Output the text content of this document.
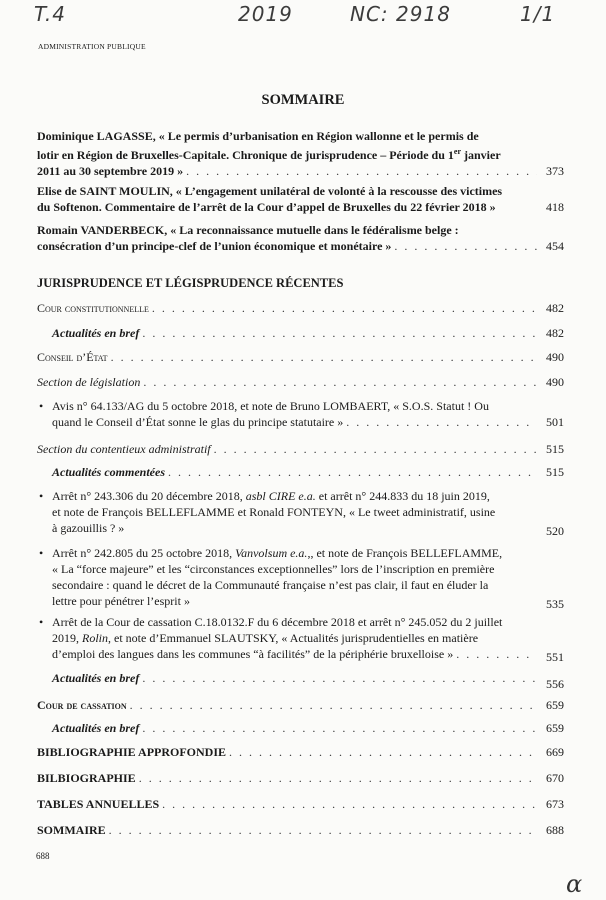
T.4	2019	NC: 2918	1/1
ADMINISTRATION PUBLIQUE
SOMMAIRE
Dominique LAGASSE, « Le permis d’urbanisation en Région wallonne et le permis de
lotir en Région de Bruxelles-Capitale. Chronique de jurisprudence – Période du 1er janvier
2011 au 30 septembre 2019 » . . .	373
Elise de SAINT MOULIN, « L’engagement unilatéral de volonté à la rescousse des victimes
du Softenon. Commentaire de l’arrêt de la Cour d’appel de Bruxelles du 22 février 2018 »	418
Romain VANDERBECK, « La reconnaissance mutuelle dans le fédéralisme belge :
consécration d’un principe-clef de l’union économique et monétaire » . . .	454
JURISPRUDENCE ET LÉGISPRUDENCE RÉCENTES
Cour constitutionnelle . . .	482
Actualités en bref . . .	482
Conseil d’État . . .	490
Section de législation . . .	490
• Avis n° 64.133/AG du 5 octobre 2018, et note de Bruno LOMBAERT, « S.O.S. Statut ! Ou
quand le Conseil d’État sonne le glas du principe statutaire » . . .	501
Section du contentieux administratif . . .	515
Actualités commentées . . .	515
• Arrêt n° 243.306 du 20 décembre 2018, asbl CIRE e.a. et arrêt n° 244.833 du 18 juin 2019,
et note de François BELLEFLAMME et Ronald FONTEYN, « Le tweet administratif, usine
à gazouillis ? »	520
• Arrêt n° 242.805 du 25 octobre 2018, Vanvolsum e.a.,, et note de François BELLEFLAMME,
« La “force majeure” et les “circonstances exceptionnelles” lors de l’inscription en première
secondaire : quand le décret de la Communauté française n’est pas clair, il faut en éluder la
lettre pour pénétrer l’esprit »	535
• Arrêt de la Cour de cassation C.18.0132.F du 6 décembre 2018 et arrêt n° 245.052 du 2 juillet
2019, Rolin, et note d’Emmanuel SLAUTSKY, « Actualités jurisprudentielles en matière
d’emploi des langues dans les communes “à facilités” de la périphérie bruxelloise » . . .	551
Actualités en bref . . .	556
Cour de cassation . . .	659
Actualités en bref . . .	659
BIBLIOGRAPHIE APPROFONDIE . . .	669
BILBIOGRAPHIE . . .	670
TABLES ANNUELLES . . .	673
SOMMAIRE . . .	688
688
α
